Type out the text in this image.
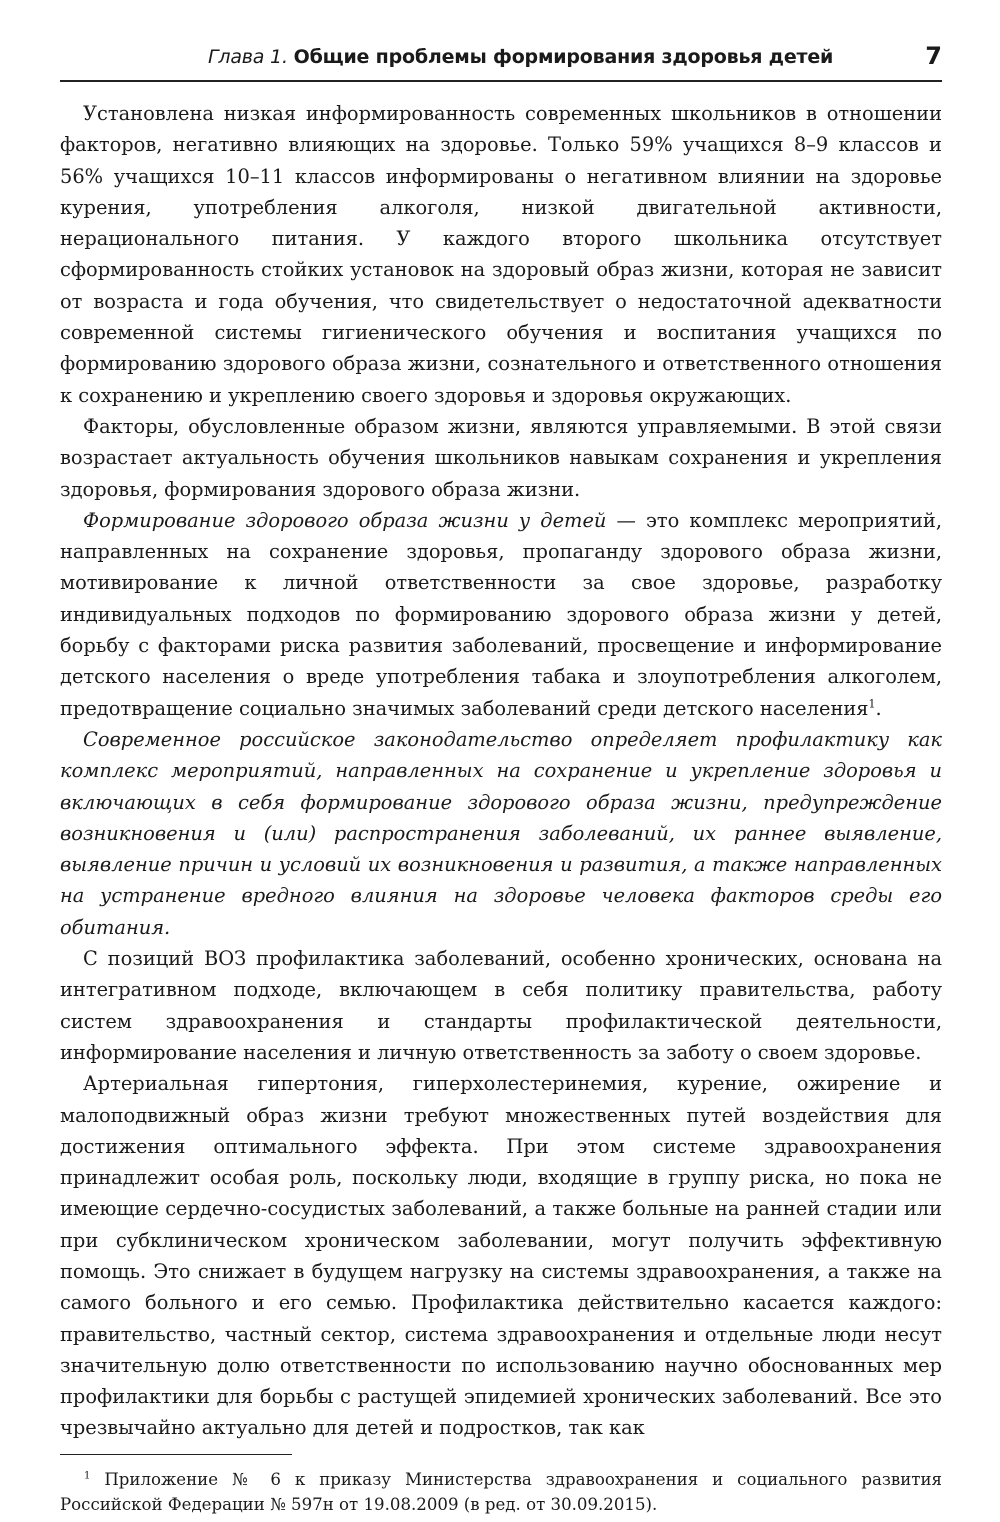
Глава 1. Общие проблемы формирования здоровья детей	7

Установлена низкая информированность современных школьников в отношении факторов, негативно влияющих на здоровье. Только 59% учащихся 8–9 классов и 56% учащихся 10–11 классов информированы о негативном влиянии на здоровье курения, употребления алкоголя, низкой двигательной активности, нерационального питания. У каждого второго школьника отсутствует сформированность стойких установок на здоровый образ жизни, которая не зависит от возраста и года обучения, что свидетельствует о недостаточной адекватности современной системы гигиенического обучения и воспитания учащихся по формированию здорового образа жизни, сознательного и ответственного отношения к сохранению и укреплению своего здоровья и здоровья окружающих.

Факторы, обусловленные образом жизни, являются управляемыми. В этой связи возрастает актуальность обучения школьников навыкам сохранения и укрепления здоровья, формирования здорового образа жизни.

Формирование здорового образа жизни у детей — это комплекс мероприятий, направленных на сохранение здоровья, пропаганду здорового образа жизни, мотивирование к личной ответственности за свое здоровье, разработку индивидуальных подходов по формированию здорового образа жизни у детей, борьбу с факторами риска развития заболеваний, просвещение и информирование детского населения о вреде употребления табака и злоупотребления алкоголем, предотвращение социально значимых заболеваний среди детского населения$^1$.

Современное российское законодательство определяет профилактику как комплекс мероприятий, направленных на сохранение и укрепление здоровья и включающих в себя формирование здорового образа жизни, предупреждение возникновения и (или) распространения заболеваний, их раннее выявление, выявление причин и условий их возникновения и развития, а также направленных на устранение вредного влияния на здоровье человека факторов среды его обитания.

С позиций ВОЗ профилактика заболеваний, особенно хронических, основана на интегративном подходе, включающем в себя политику правительства, работу систем здравоохранения и стандарты профилактической деятельности, информирование населения и личную ответственность за заботу о своем здоровье.

Артериальная гипертония, гиперхолестеринемия, курение, ожирение и малоподвижный образ жизни требуют множественных путей воздействия для достижения оптимального эффекта. При этом системе здравоохранения принадлежит особая роль, поскольку люди, входящие в группу риска, но пока не имеющие сердечно-сосудистых заболеваний, а также больные на ранней стадии или при субклиническом хроническом заболевании, могут получить эффективную помощь. Это снижает в будущем нагрузку на системы здравоохранения, а также на самого больного и его семью. Профилактика действительно касается каждого: правительство, частный сектор, система здравоохранения и отдельные люди несут значительную долю ответственности по использованию научно обоснованных мер профилактики для борьбы с растущей эпидемией хронических заболеваний. Все это чрезвычайно актуально для детей и подростков, так как

$^1$ Приложение № 6 к приказу Министерства здравоохранения и социального развития Российской Федерации № 597н от 19.08.2009 (в ред. от 30.09.2015).
